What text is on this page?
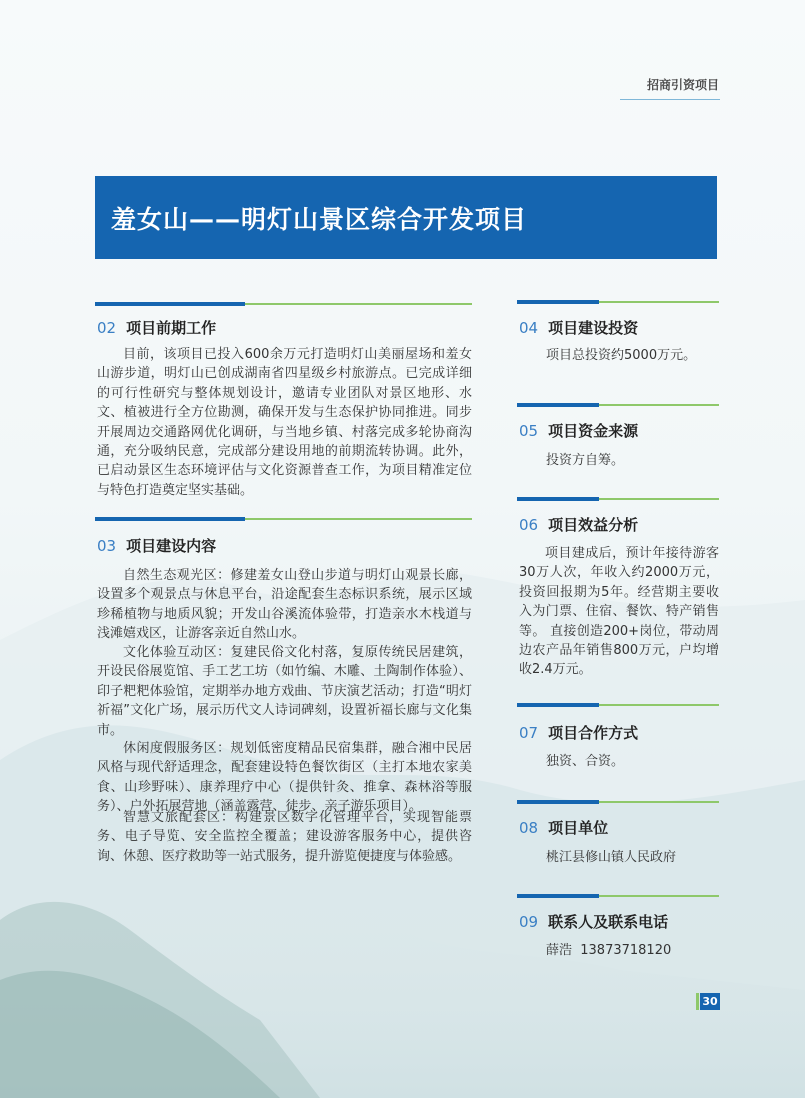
招商引资项目
羞女山——明灯山景区综合开发项目
02 项目前期工作

目前，该项目已投入600余万元打造明灯山美丽屋场和羞女山游步道，明灯山已创成湖南省四星级乡村旅游点。已完成详细的可行性研究与整体规划设计，邀请专业团队对景区地形、水文、植被进行全方位勘测，确保开发与生态保护协同推进。同步开展周边交通路网优化调研，与当地乡镇、村落完成多轮协商沟通，充分吸纳民意，完成部分建设用地的前期流转协调。此外，已启动景区生态环境评估与文化资源普查工作，为项目精准定位与特色打造奠定坚实基础。

03 项目建设内容

自然生态观光区：修建羞女山登山步道与明灯山观景长廊，设置多个观景点与休息平台，沿途配套生态标识系统，展示区域珍稀植物与地质风貌；开发山谷溪流体验带，打造亲水木栈道与浅滩嬉戏区，让游客亲近自然山水。

文化体验互动区：复建民俗文化村落，复原传统民居建筑，开设民俗展览馆、手工艺工坊（如竹编、木雕、土陶制作体验）、印子粑粑体验馆，定期举办地方戏曲、节庆演艺活动；打造“明灯祈福”文化广场，展示历代文人诗词碑刻，设置祈福长廊与文化集市。

休闲度假服务区：规划低密度精品民宿集群，融合湘中民居风格与现代舒适理念，配套建设特色餐饮街区（主打本地农家美食、山珍野味）、康养理疗中心（提供针灸、推拿、森林浴等服务）、户外拓展营地（涵盖露营、徒步、亲子游乐项目）。

智慧文旅配套区：构建景区数字化管理平台，实现智能票务、电子导览、安全监控全覆盖；建设游客服务中心，提供咨询、休憩、医疗救助等一站式服务，提升游览便捷度与体验感。

04 项目建设投资
项目总投资约5000万元。
05 项目资金来源
投资方自筹。
06 项目效益分析

项目建成后，预计年接待游客30万人次，年收入约2000万元，投资回报期为5年。经营期主要收入为门票、住宿、餐饮、特产销售等。 直接创造200+岗位，带动周边农产品年销售800万元，户均增收2.4万元。

07 项目合作方式
独资、合资。
08 项目单位
桃江县修山镇人民政府
09 联系人及联系电话
薛浩  13873718120
30
